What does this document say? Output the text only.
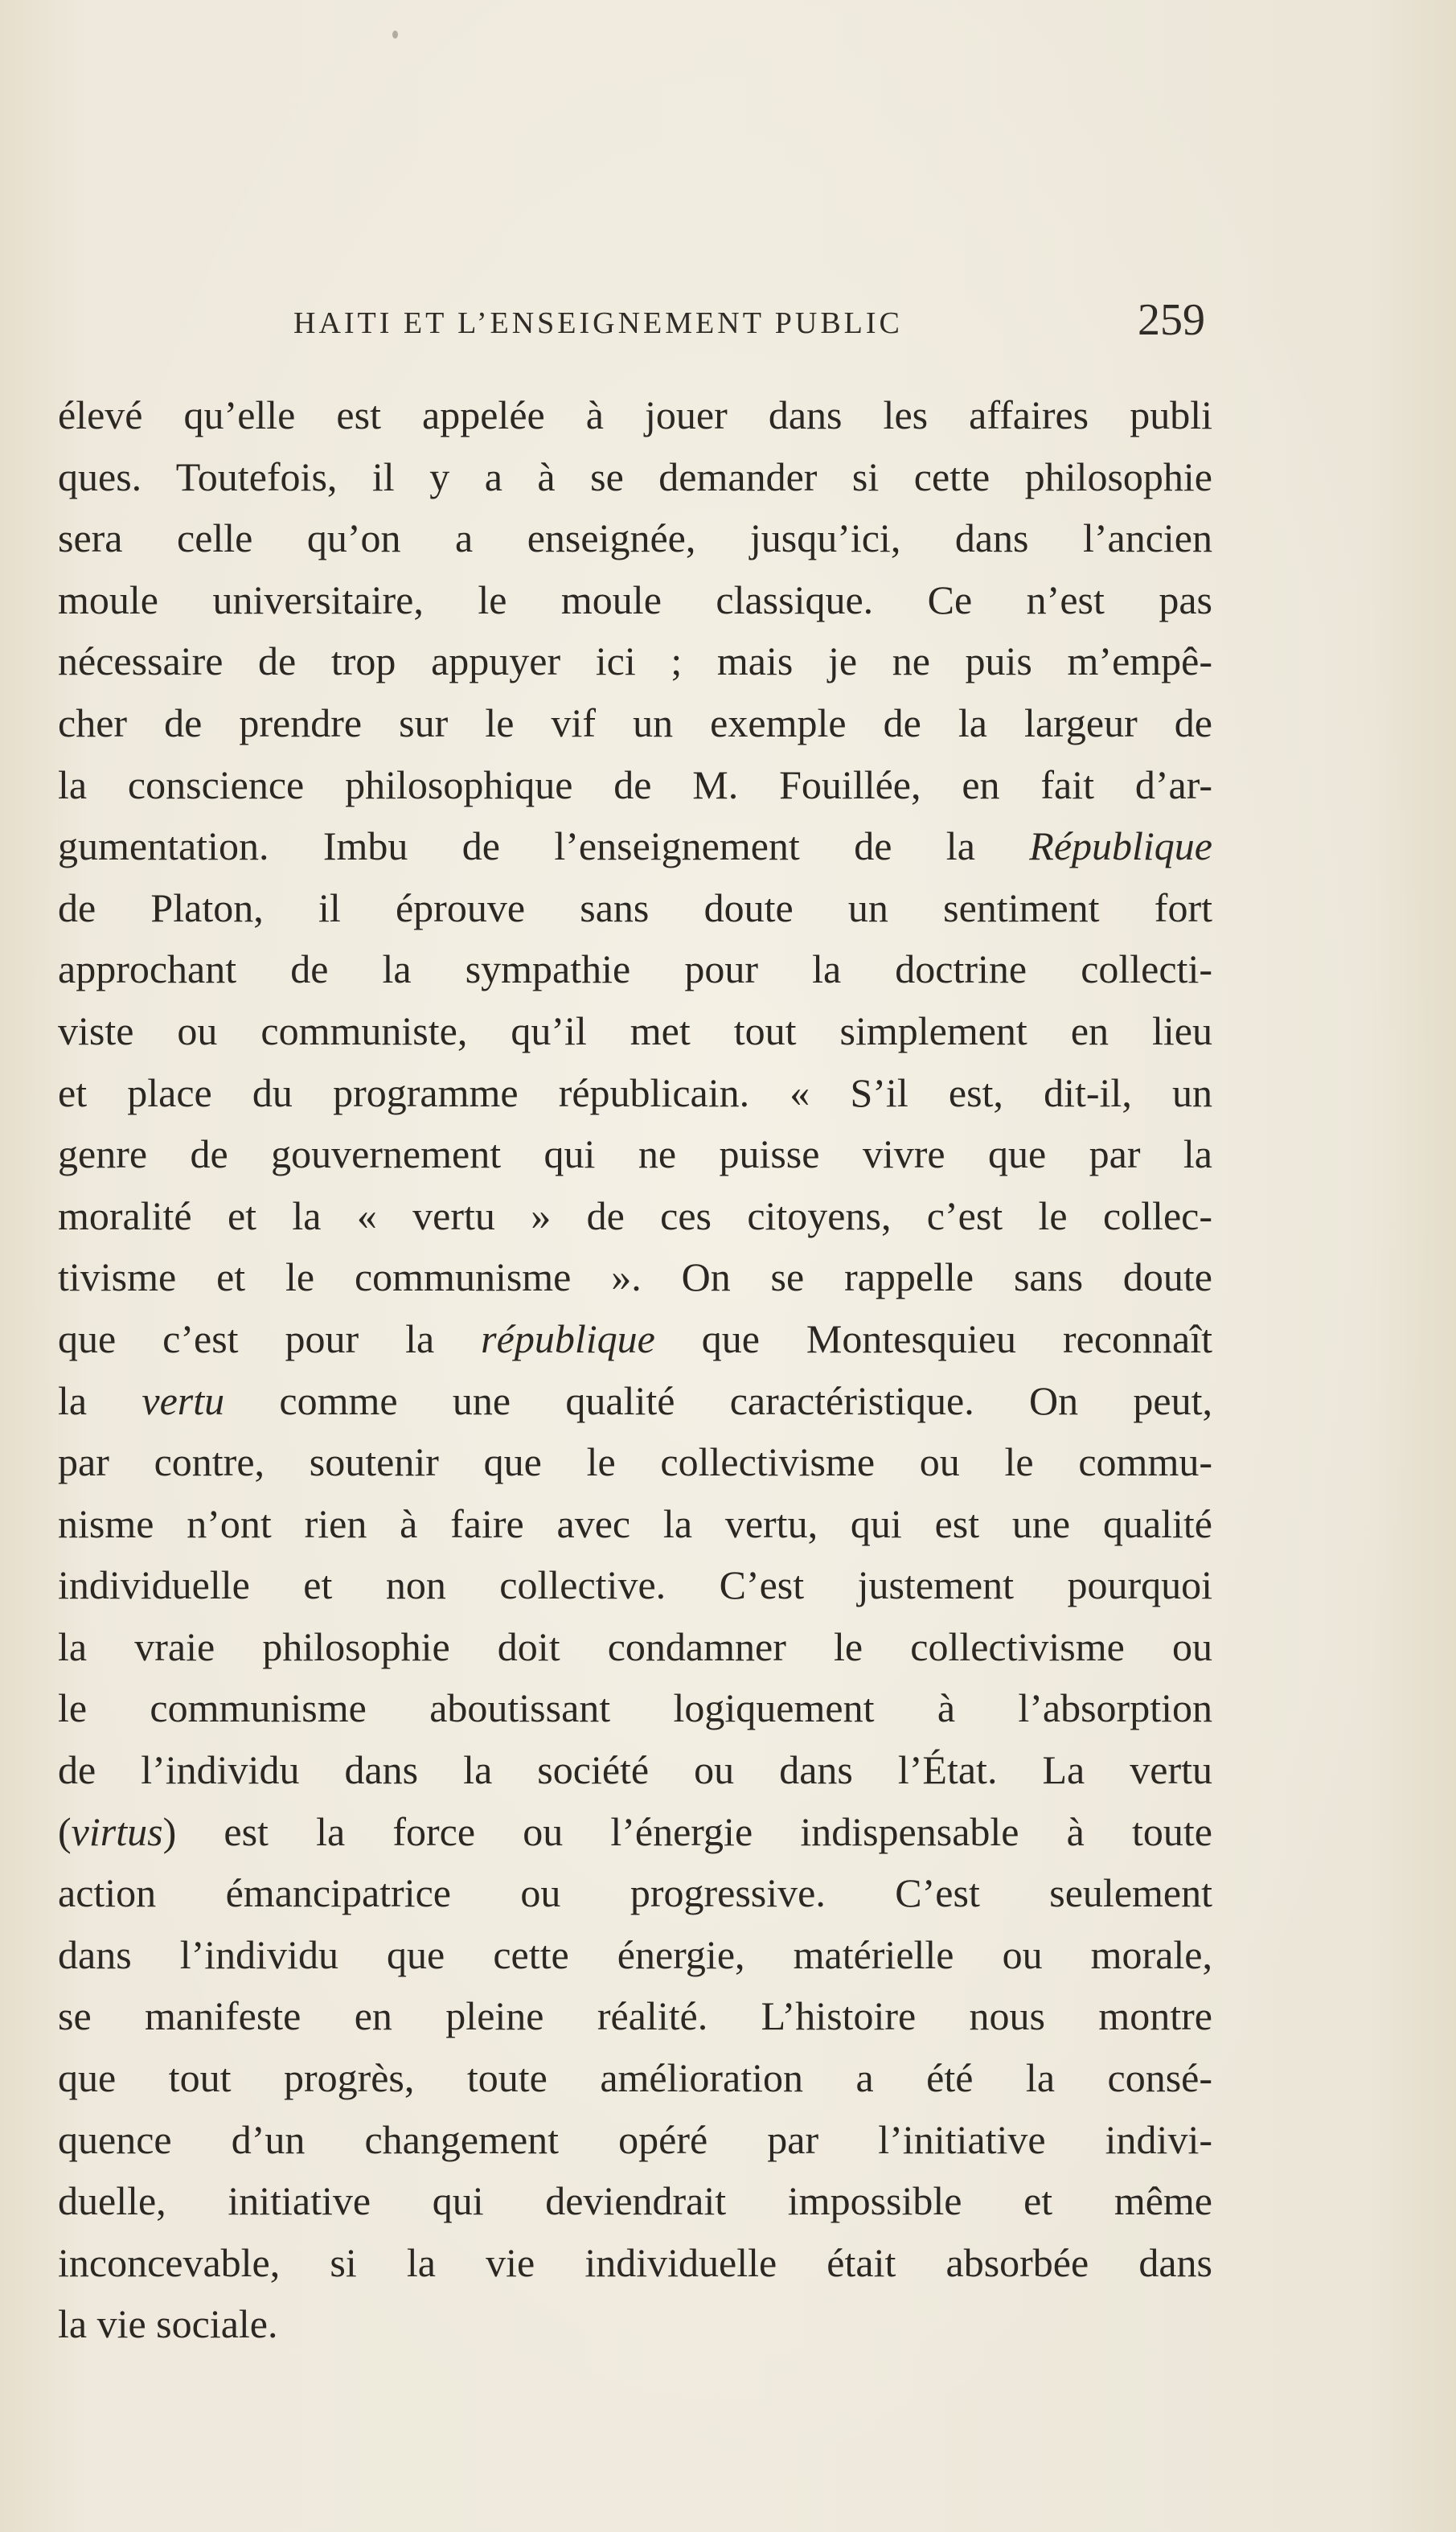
HAITI ET L’ENSEIGNEMENT PUBLIC	259
élevé qu’elle est appelée à jouer dans les affaires publi
ques. Toutefois, il y a à se demander si cette philosophie
sera celle qu’on a enseignée, jusqu’ici, dans l’ancien
moule universitaire, le moule classique. Ce n’est pas
nécessaire de trop appuyer ici ; mais je ne puis m’empê-
cher de prendre sur le vif un exemple de la largeur de
la conscience philosophique de M. Fouillée, en fait d’ar-
gumentation. Imbu de l’enseignement de la République
de Platon, il éprouve sans doute un sentiment fort
approchant de la sympathie pour la doctrine collecti-
viste ou communiste, qu’il met tout simplement en lieu
et place du programme républicain. « S’il est, dit-il, un
genre de gouvernement qui ne puisse vivre que par la
moralité et la « vertu » de ces citoyens, c’est le collec-
tivisme et le communisme ». On se rappelle sans doute
que c’est pour la république que Montesquieu reconnaît
la vertu comme une qualité caractéristique. On peut,
par contre, soutenir que le collectivisme ou le commu-
nisme n’ont rien à faire avec la vertu, qui est une qualité
individuelle et non collective. C’est justement pourquoi
la vraie philosophie doit condamner le collectivisme ou
le communisme aboutissant logiquement à l’absorption
de l’individu dans la société ou dans l’État. La vertu
(virtus) est la force ou l’énergie indispensable à toute
action émancipatrice ou progressive. C’est seulement
dans l’individu que cette énergie, matérielle ou morale,
se manifeste en pleine réalité. L’histoire nous montre
que tout progrès, toute amélioration a été la consé-
quence d’un changement opéré par l’initiative indivi-
duelle, initiative qui deviendrait impossible et même
inconcevable, si la vie individuelle était absorbée dans
la vie sociale.
